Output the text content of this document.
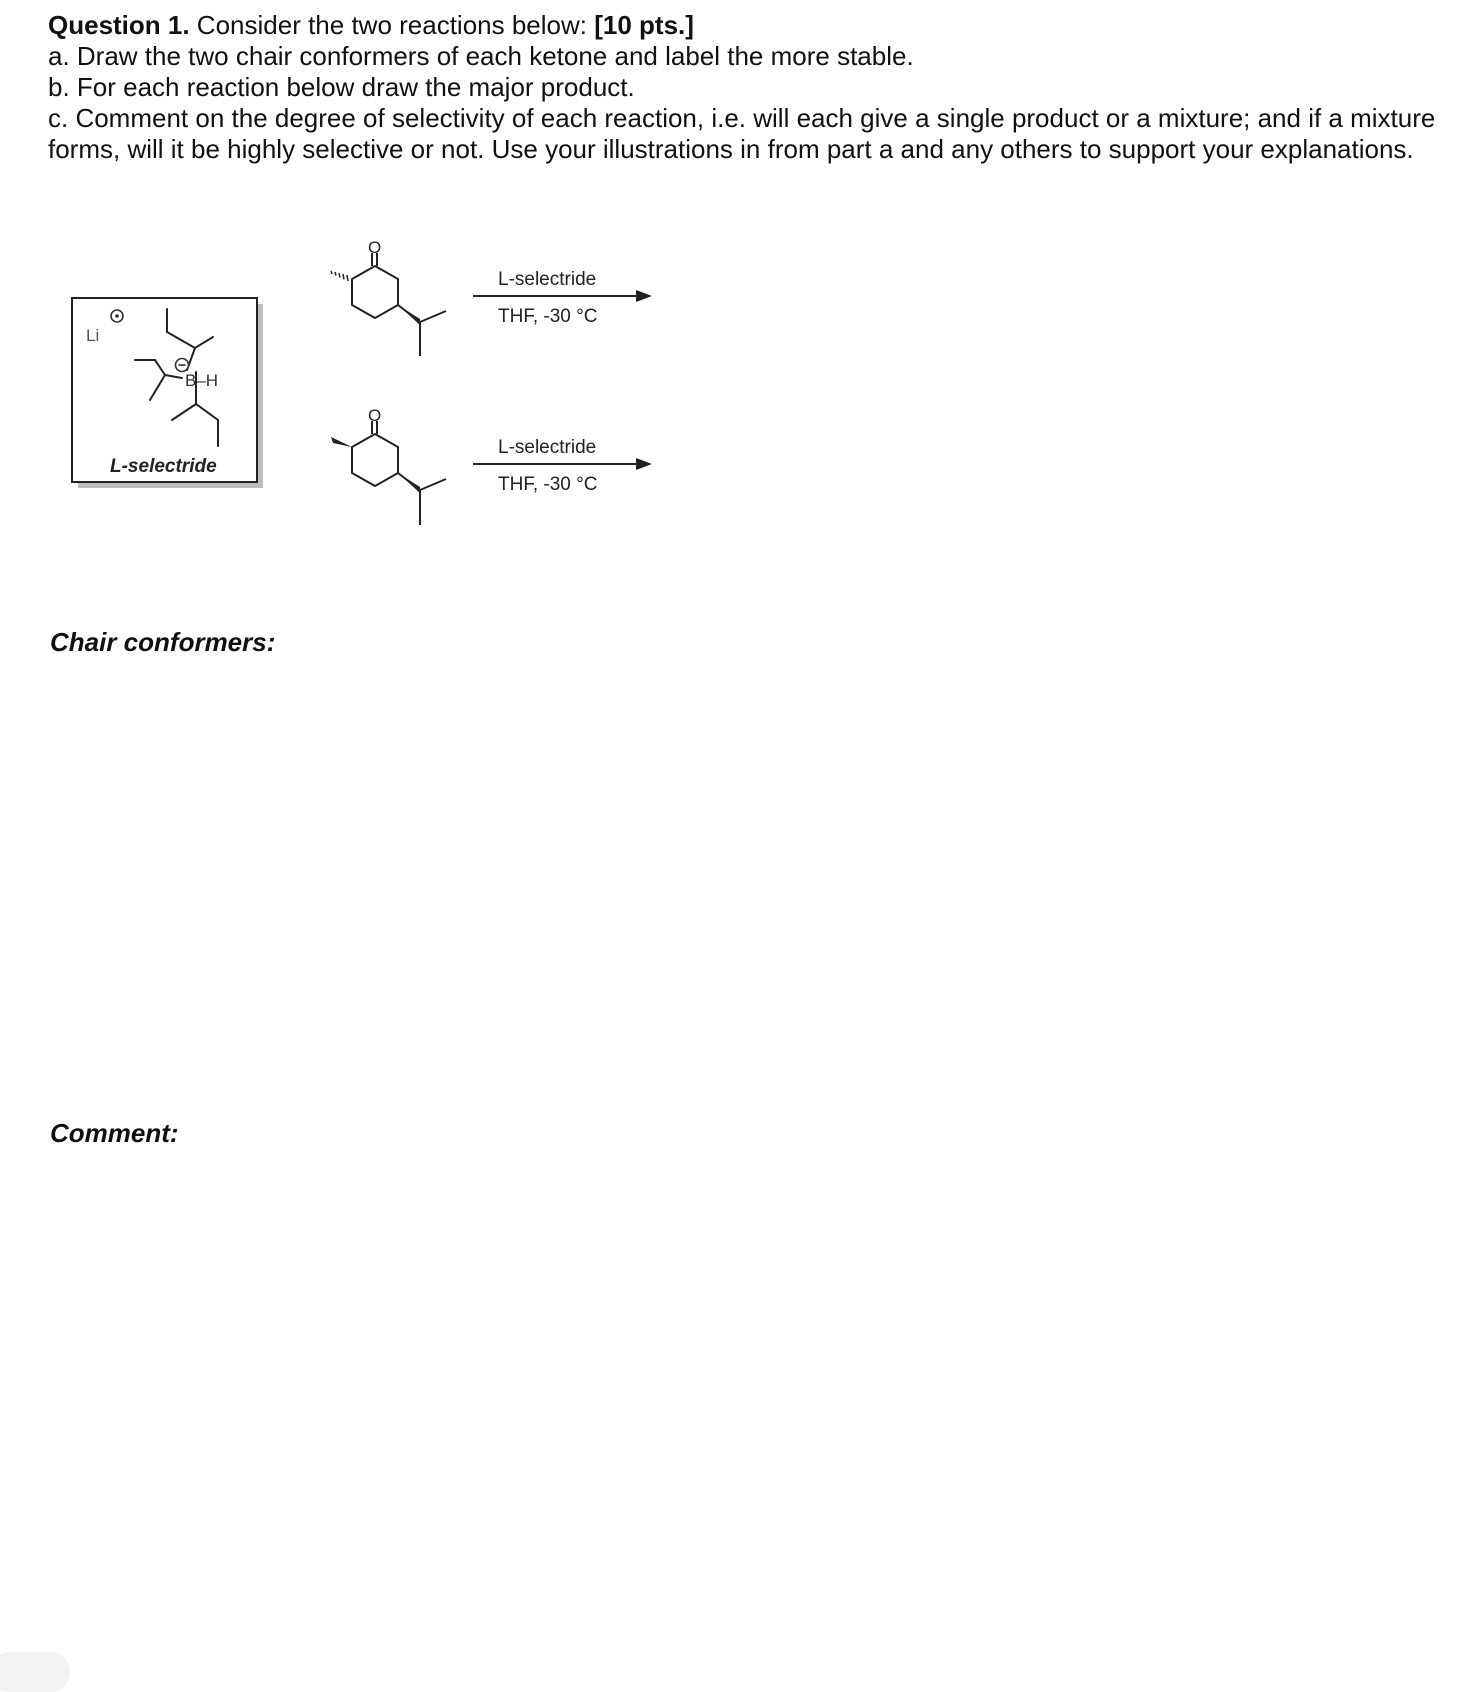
Question 1. Consider the two reactions below: [10 pts.]
a. Draw the two chair conformers of each ketone and label the more stable.
b. For each reaction below draw the major product.
c. Comment on the degree of selectivity of each reaction, i.e. will each give a single product or a mixture; and if a mixture
forms, will it be highly selective or not. Use your illustrations in from part a and any others to support your explanations.
Li
B–H
L-selectride
O
L-selectride
THF, -30 °C
O
L-selectride
THF, -30 °C
Chair conformers:
Comment:
